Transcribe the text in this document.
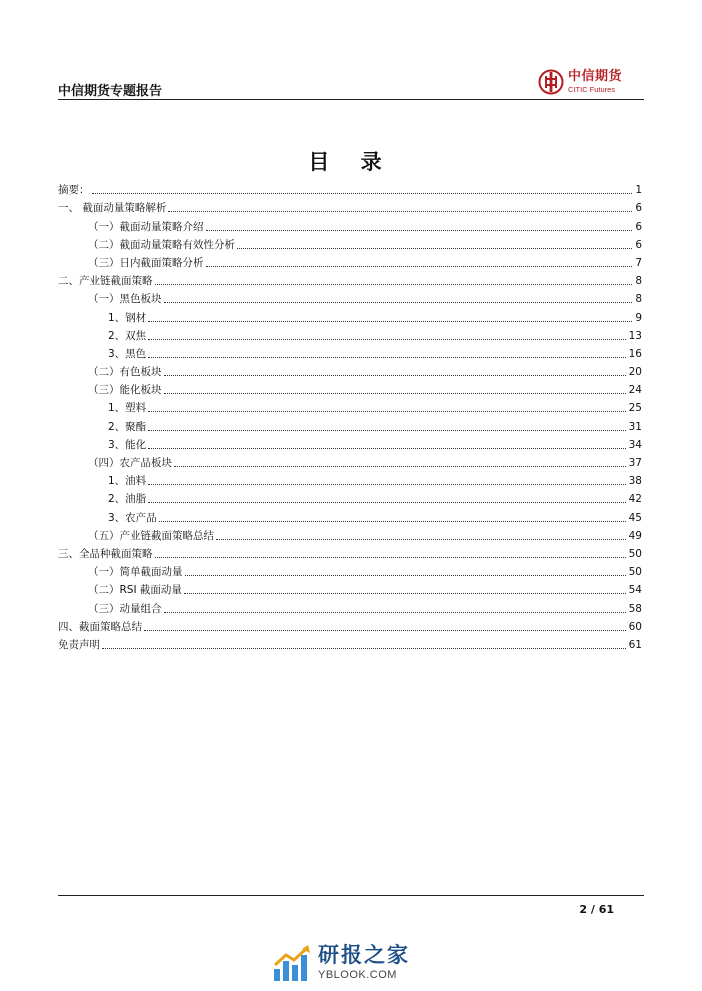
中信期货专题报告
中信期货
CITIC Futures
目 录
摘要：	1
一、 截面动量策略解析	6
（一）截面动量策略介绍	6
（二）截面动量策略有效性分析	6
（三）日内截面策略分析	7
二、产业链截面策略	8
（一）黑色板块	8
1、钢材	9
2、双焦	13
3、黑色	16
（二）有色板块	20
（三）能化板块	24
1、塑料	25
2、聚酯	31
3、能化	34
（四）农产品板块	37
1、油料	38
2、油脂	42
3、农产品	45
（五）产业链截面策略总结	49
三、全品种截面策略	50
（一）简单截面动量	50
（二）RSI 截面动量	54
（三）动量组合	58
四、截面策略总结	60
免责声明	61
2 / 61
研报之家
YBLOOK.COM
